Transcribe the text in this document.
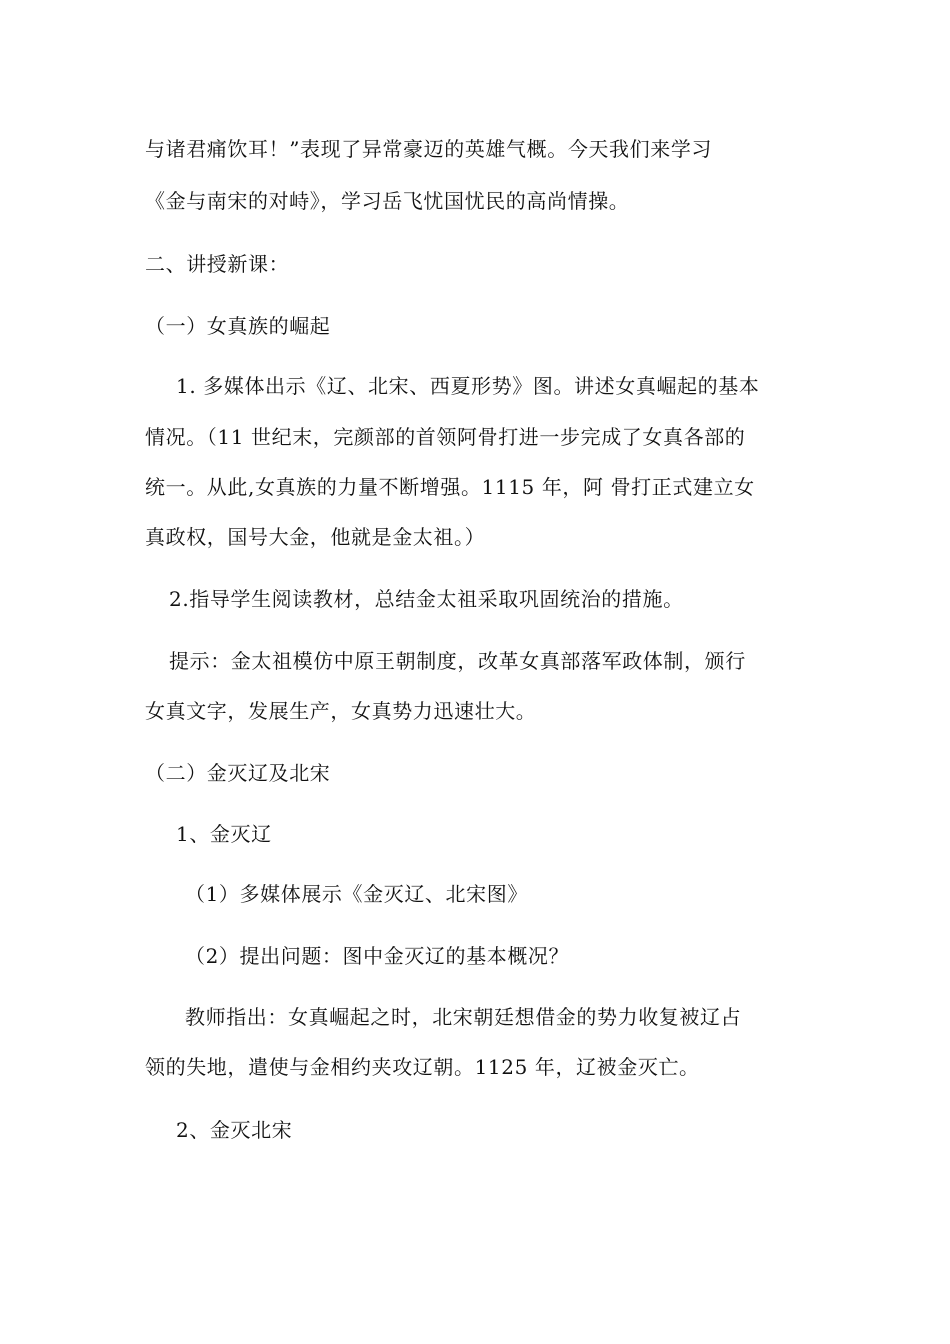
与诸君痛饮耳！”表现了异常豪迈的英雄气概。今天我们来学习
《金与南宋的对峙》，学习岳飞忧国忧民的高尚情操。
二、讲授新课：
（一）女真族的崛起
1. 多媒体出示《辽、北宋、西夏形势》图。讲述女真崛起的基本
情况。（11 世纪末，完颜部的首领阿骨打进一步完成了女真各部的
统一。从此,女真族的力量不断增强。1115 年，阿 骨打正式建立女
真政权，国号大金，他就是金太祖。）
2.指导学生阅读教材，总结金太祖采取巩固统治的措施。
提示：金太祖模仿中原王朝制度，改革女真部落军政体制，颁行
女真文字，发展生产，女真势力迅速壮大。
（二）金灭辽及北宋
1、金灭辽
（1）多媒体展示《金灭辽、北宋图》
（2）提出问题：图中金灭辽的基本概况？
教师指出：女真崛起之时，北宋朝廷想借金的势力收复被辽占
领的失地，遣使与金相约夹攻辽朝。1125 年，辽被金灭亡。
2、金灭北宋
